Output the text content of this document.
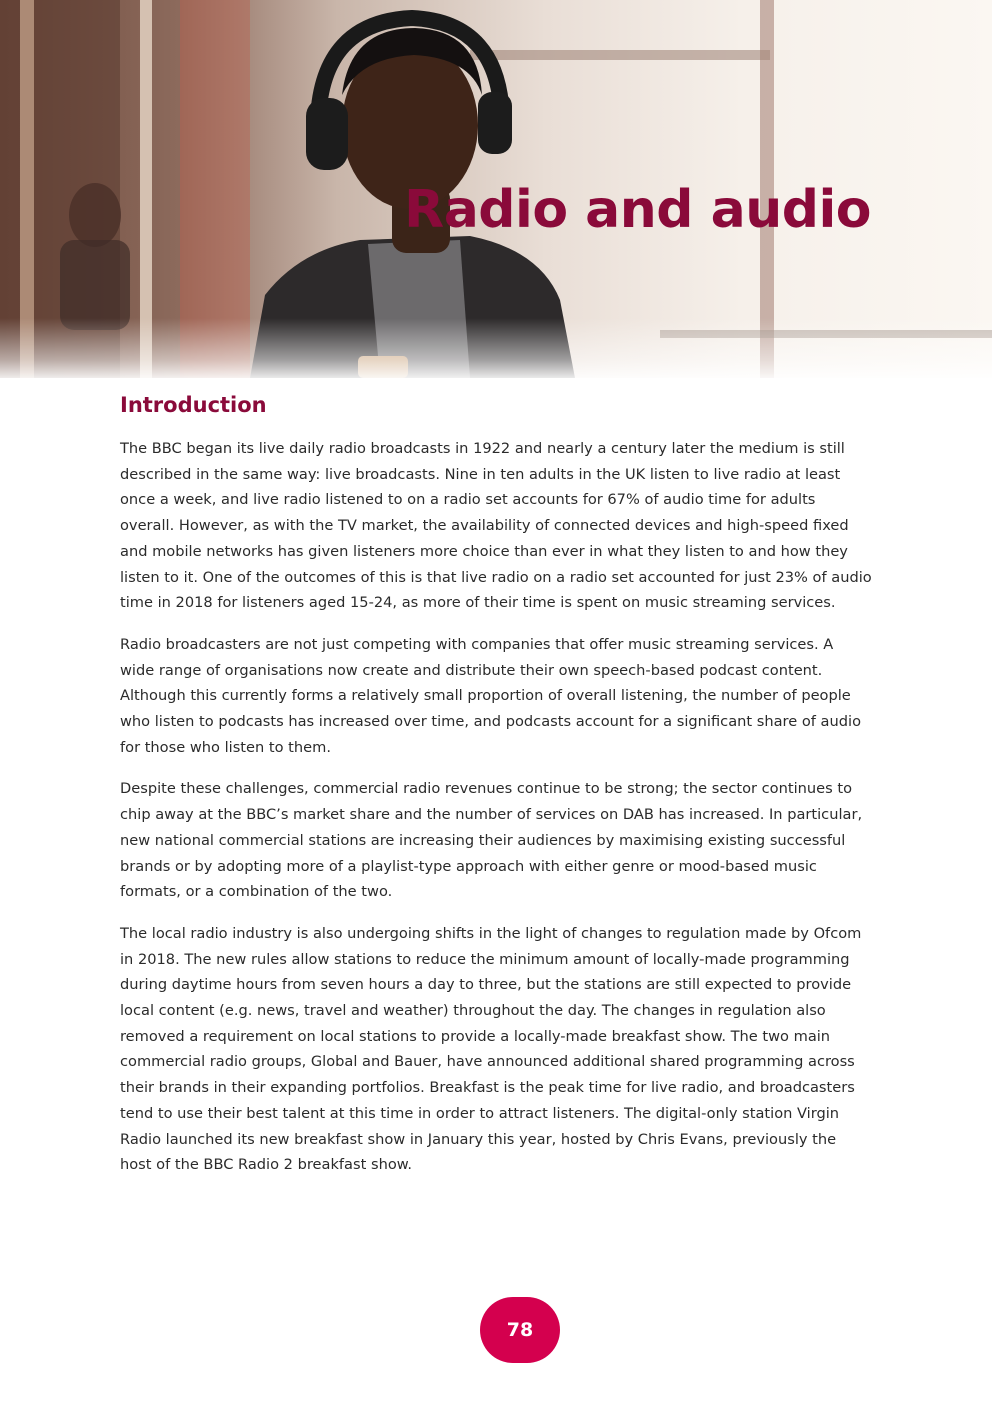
Radio and audio
Introduction

The BBC began its live daily radio broadcasts in 1922 and nearly a century later the medium is still described in the same way: live broadcasts. Nine in ten adults in the UK listen to live radio at least once a week, and live radio listened to on a radio set accounts for 67% of audio time for adults overall. However, as with the TV market, the availability of connected devices and high-speed fixed and mobile networks has given listeners more choice than ever in what they listen to and how they listen to it. One of the outcomes of this is that live radio on a radio set accounted for just 23% of audio time in 2018 for listeners aged 15-24, as more of their time is spent on music streaming services.

Radio broadcasters are not just competing with companies that offer music streaming services. A wide range of organisations now create and distribute their own speech-based podcast content. Although this currently forms a relatively small proportion of overall listening, the number of people who listen to podcasts has increased over time, and podcasts account for a significant share of audio for those who listen to them.

Despite these challenges, commercial radio revenues continue to be strong; the sector continues to chip away at the BBC’s market share and the number of services on DAB has increased. In particular, new national commercial stations are increasing their audiences by maximising existing successful brands or by adopting more of a playlist-type approach with either genre or mood-based music formats, or a combination of the two.

The local radio industry is also undergoing shifts in the light of changes to regulation made by Ofcom in 2018. The new rules allow stations to reduce the minimum amount of locally-made programming during daytime hours from seven hours a day to three, but the stations are still expected to provide local content (e.g. news, travel and weather) throughout the day. The changes in regulation also removed a requirement on local stations to provide a locally-made breakfast show. The two main commercial radio groups, Global and Bauer, have announced additional shared programming across their brands in their expanding portfolios. Breakfast is the peak time for live radio, and broadcasters tend to use their best talent at this time in order to attract listeners. The digital-only station Virgin Radio launched its new breakfast show in January this year, hosted by Chris Evans, previously the host of the BBC Radio 2 breakfast show.

78
